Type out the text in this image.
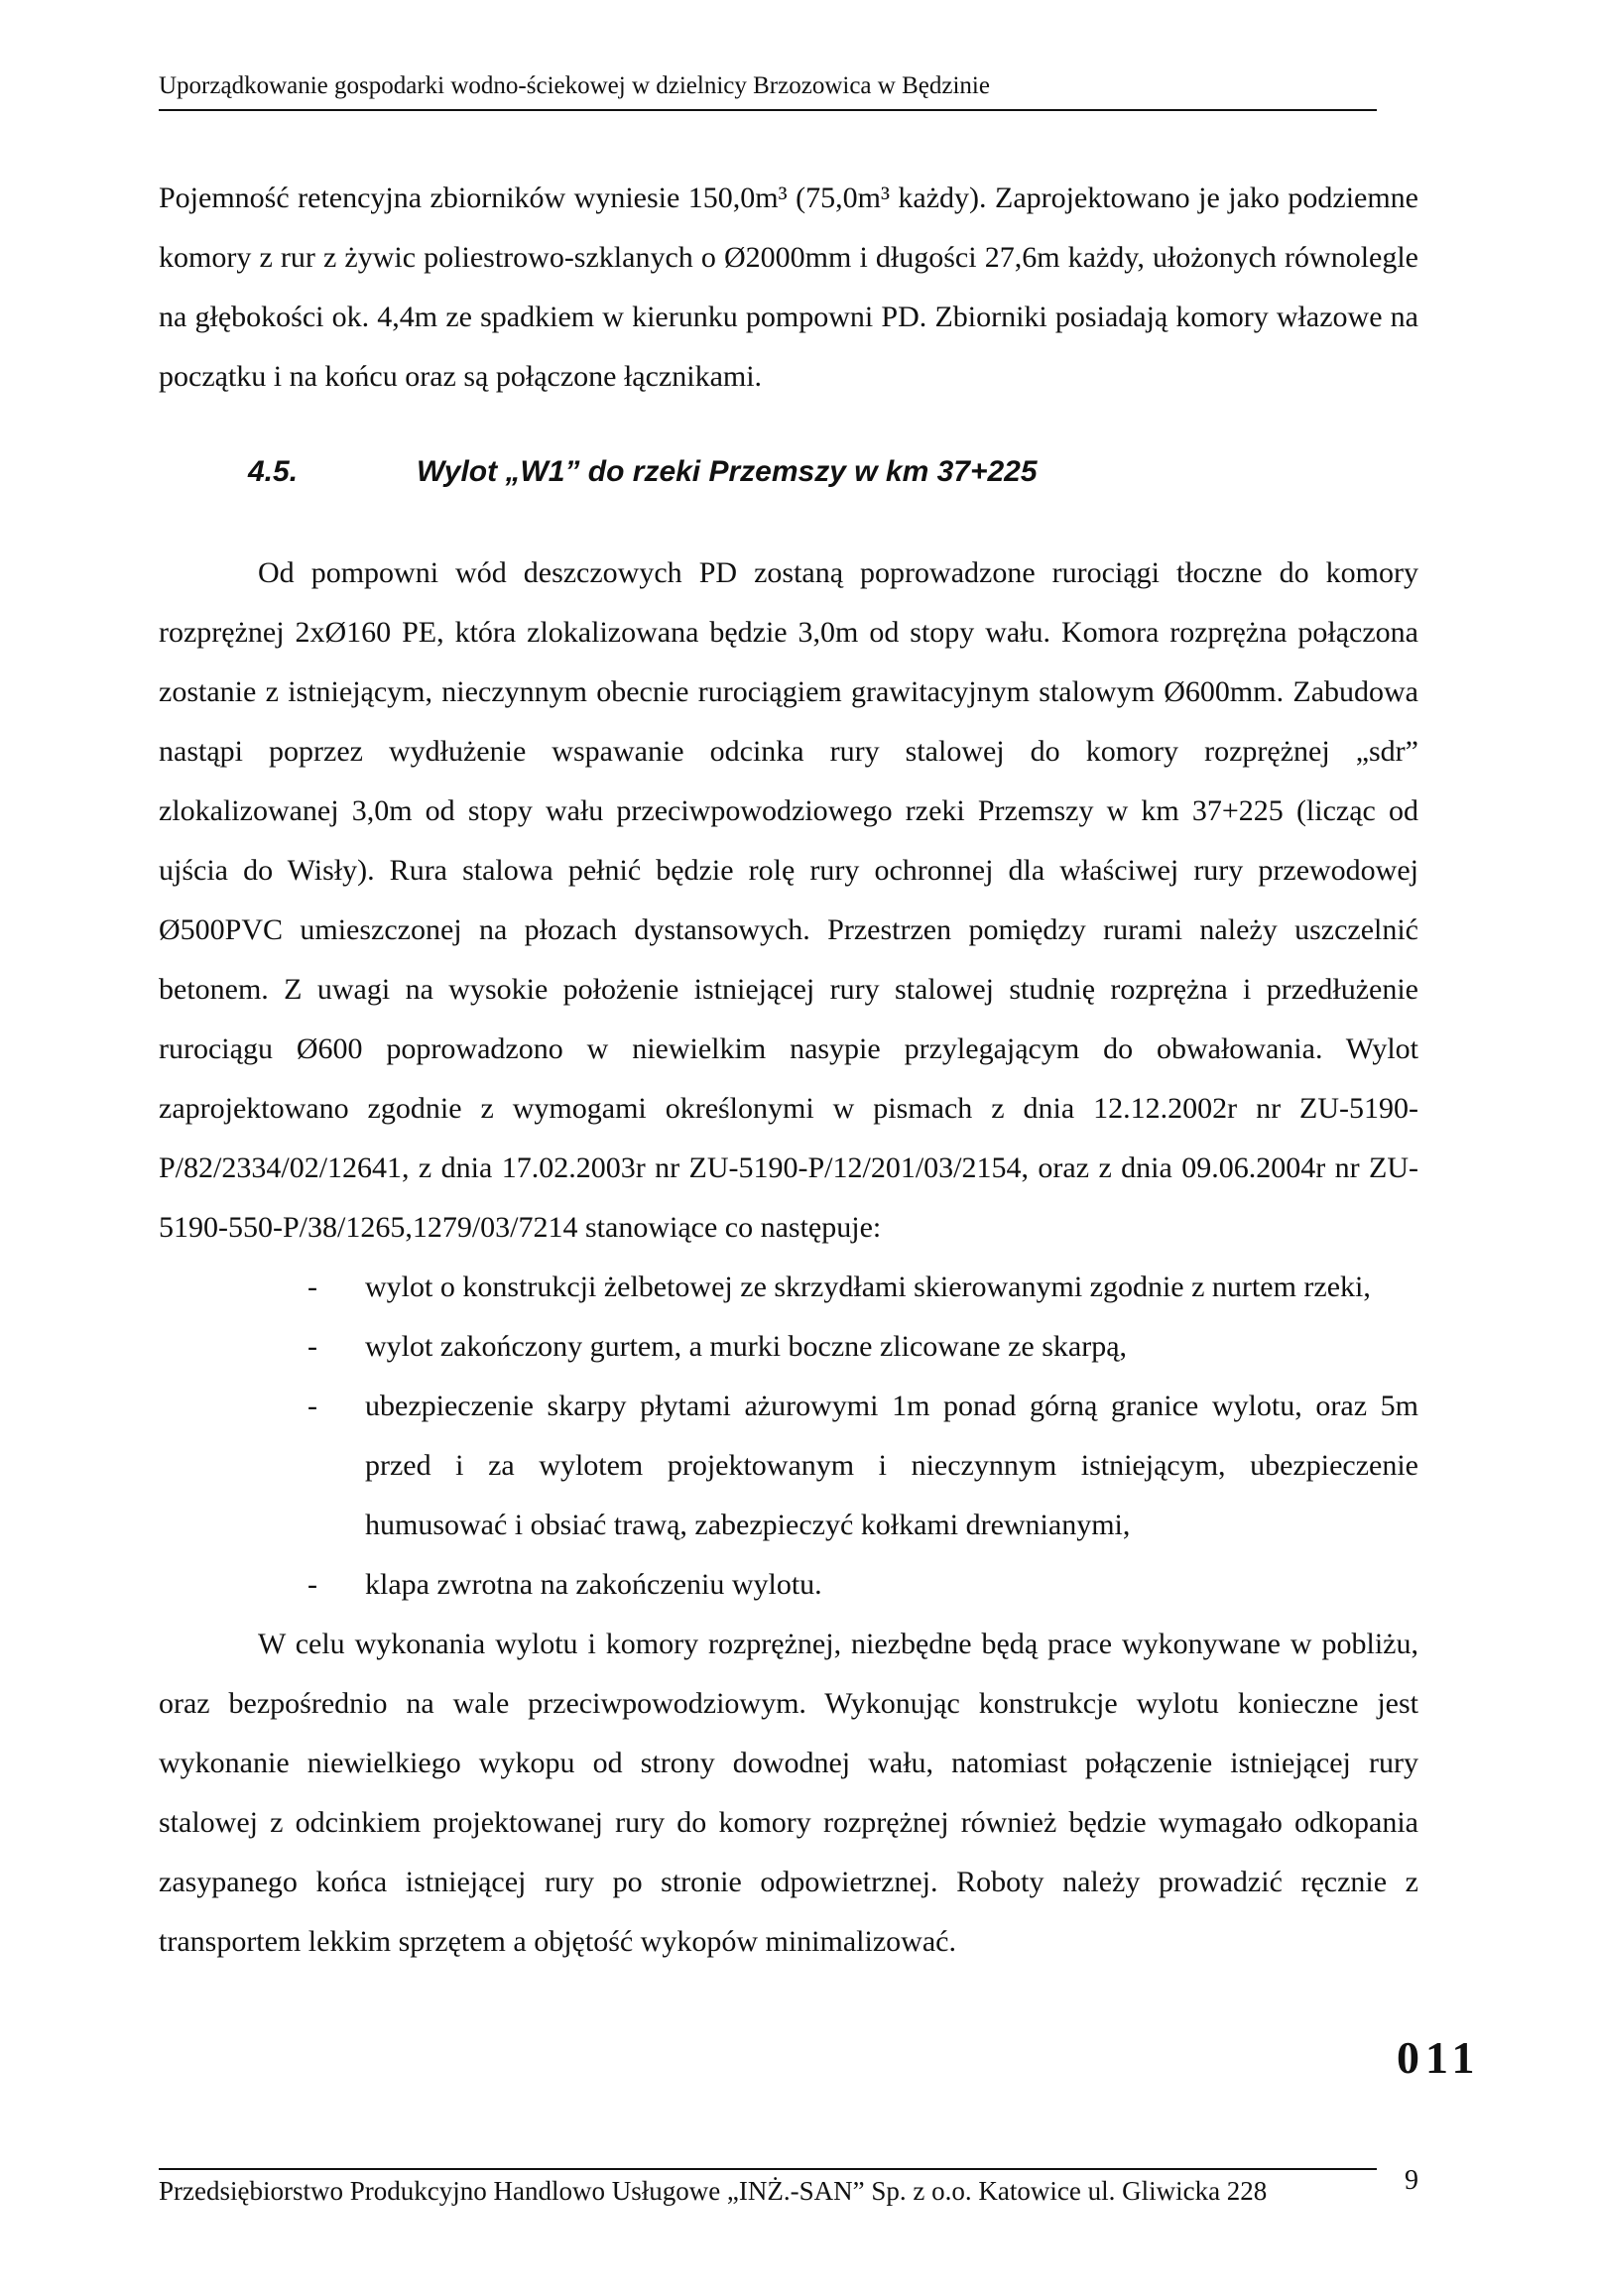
Uporządkowanie gospodarki wodno-ściekowej w dzielnicy Brzozowica w Będzinie

Pojemność retencyjna zbiorników wyniesie 150,0m³ (75,0m³ każdy). Zaprojektowano je jako podziemne komory z rur z żywic poliestrowo-szklanych o Ø2000mm i długości 27,6m każdy, ułożonych równolegle na głębokości ok. 4,4m ze spadkiem w kierunku pompowni PD. Zbiorniki posiadają komory włazowe na początku i na końcu oraz są połączone łącznikami.

4.5.	Wylot „W1” do rzeki Przemszy w km 37+225

Od pompowni wód deszczowych PD zostaną poprowadzone rurociągi tłoczne do komory rozprężnej 2xØ160 PE, która zlokalizowana będzie 3,0m od stopy wału. Komora rozprężna połączona zostanie z istniejącym, nieczynnym obecnie rurociągiem grawitacyjnym stalowym Ø600mm. Zabudowa nastąpi poprzez wydłużenie wspawanie odcinka rury stalowej do komory rozprężnej „sdr” zlokalizowanej 3,0m od stopy wału przeciwpowodziowego rzeki Przemszy w km 37+225 (licząc od ujścia do Wisły). Rura stalowa pełnić będzie rolę rury ochronnej dla właściwej rury przewodowej Ø500PVC umieszczonej na płozach dystansowych. Przestrzen pomiędzy rurami należy uszczelnić betonem. Z uwagi na wysokie położenie istniejącej rury stalowej studnię rozprężna i przedłużenie rurociągu Ø600 poprowadzono w niewielkim nasypie przylegającym do obwałowania. Wylot zaprojektowano zgodnie z wymogami określonymi w pismach z dnia 12.12.2002r nr ZU-5190-P/82/2334/02/12641, z dnia 17.02.2003r nr ZU-5190-P/12/201/03/2154, oraz z dnia 09.06.2004r nr ZU-5190-550-P/38/1265,1279/03/7214 stanowiące co następuje:

- wylot o konstrukcji żelbetowej ze skrzydłami skierowanymi zgodnie z nurtem rzeki,
- wylot zakończony gurtem, a murki boczne zlicowane ze skarpą,
- ubezpieczenie skarpy płytami ażurowymi 1m ponad górną granice wylotu, oraz 5m przed i za wylotem projektowanym i nieczynnym istniejącym, ubezpieczenie humusować i obsiać trawą, zabezpieczyć kołkami drewnianymi,
- klapa zwrotna na zakończeniu wylotu.

W celu wykonania wylotu i komory rozprężnej, niezbędne będą prace wykonywane w pobliżu, oraz bezpośrednio na wale przeciwpowodziowym. Wykonując konstrukcje wylotu konieczne jest wykonanie niewielkiego wykopu od strony dowodnej wału, natomiast połączenie istniejącej rury stalowej z odcinkiem projektowanej rury do komory rozprężnej również będzie wymagało odkopania zasypanego końca istniejącej rury po stronie odpowietrznej. Roboty należy prowadzić ręcznie z transportem lekkim sprzętem a objętość wykopów minimalizować.

011
Przedsiębiorstwo Produkcyjno Handlowo Usługowe „INŻ.-SAN” Sp. z o.o. Katowice ul. Gliwicka 228	9
